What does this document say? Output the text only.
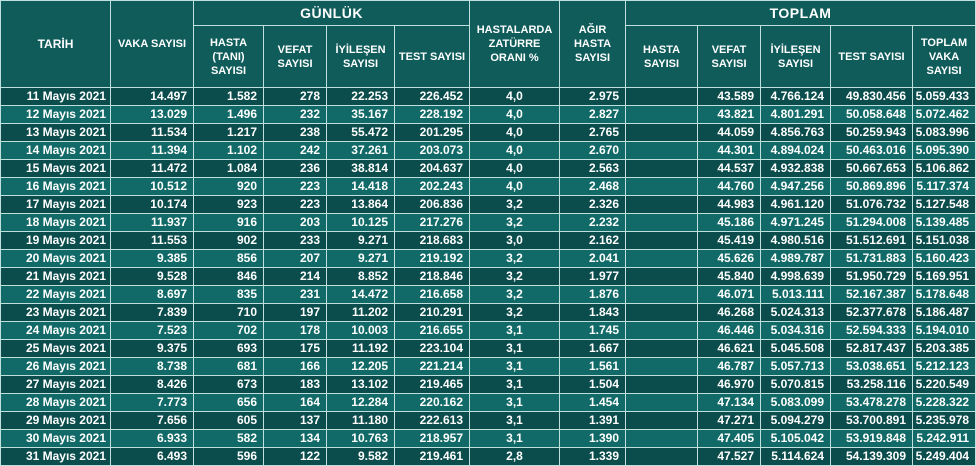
TARİH	VAKA SAYISI	GÜNLÜK				HASTALARDA ZATÜRRE ORANI %	AĞIR HASTA SAYISI	TOPLAM				
		HASTA (TANI) SAYISI	VEFAT SAYISI	İYİLEŞEN SAYISI	TEST SAYISI			HASTA SAYISI	VEFAT SAYISI	İYİLEŞEN SAYISI	TEST SAYISI	TOPLAM VAKA SAYISI
11 Mayıs 2021	14.497	1.582	278	22.253	226.452	4,0	2.975		43.589	4.766.124	49.830.456	5.059.433
12 Mayıs 2021	13.029	1.496	232	35.167	228.192	4,0	2.827		43.821	4.801.291	50.058.648	5.072.462
13 Mayıs 2021	11.534	1.217	238	55.472	201.295	4,0	2.765		44.059	4.856.763	50.259.943	5.083.996
14 Mayıs 2021	11.394	1.102	242	37.261	203.073	4,0	2.670		44.301	4.894.024	50.463.016	5.095.390
15 Mayıs 2021	11.472	1.084	236	38.814	204.637	4,0	2.563		44.537	4.932.838	50.667.653	5.106.862
16 Mayıs 2021	10.512	920	223	14.418	202.243	4,0	2.468		44.760	4.947.256	50.869.896	5.117.374
17 Mayıs 2021	10.174	923	223	13.864	206.836	3,2	2.326		44.983	4.961.120	51.076.732	5.127.548
18 Mayıs 2021	11.937	916	203	10.125	217.276	3,2	2.232		45.186	4.971.245	51.294.008	5.139.485
19 Mayıs 2021	11.553	902	233	9.271	218.683	3,0	2.162		45.419	4.980.516	51.512.691	5.151.038
20 Mayıs 2021	9.385	856	207	9.271	219.192	3,2	2.041		45.626	4.989.787	51.731.883	5.160.423
21 Mayıs 2021	9.528	846	214	8.852	218.846	3,2	1.977		45.840	4.998.639	51.950.729	5.169.951
22 Mayıs 2021	8.697	835	231	14.472	216.658	3,2	1.876		46.071	5.013.111	52.167.387	5.178.648
23 Mayıs 2021	7.839	710	197	11.202	210.291	3,2	1.843		46.268	5.024.313	52.377.678	5.186.487
24 Mayıs 2021	7.523	702	178	10.003	216.655	3,1	1.745		46.446	5.034.316	52.594.333	5.194.010
25 Mayıs 2021	9.375	693	175	11.192	223.104	3,1	1.667		46.621	5.045.508	52.817.437	5.203.385
26 Mayıs 2021	8.738	681	166	12.205	221.214	3,1	1.561		46.787	5.057.713	53.038.651	5.212.123
27 Mayıs 2021	8.426	673	183	13.102	219.465	3,1	1.504		46.970	5.070.815	53.258.116	5.220.549
28 Mayıs 2021	7.773	656	164	12.284	220.162	3,1	1.454		47.134	5.083.099	53.478.278	5.228.322
29 Mayıs 2021	7.656	605	137	11.180	222.613	3,1	1.391		47.271	5.094.279	53.700.891	5.235.978
30 Mayıs 2021	6.933	582	134	10.763	218.957	3,1	1.390		47.405	5.105.042	53.919.848	5.242.911
31 Mayıs 2021	6.493	596	122	9.582	219.461	2,8	1.339		47.527	5.114.624	54.139.309	5.249.404
